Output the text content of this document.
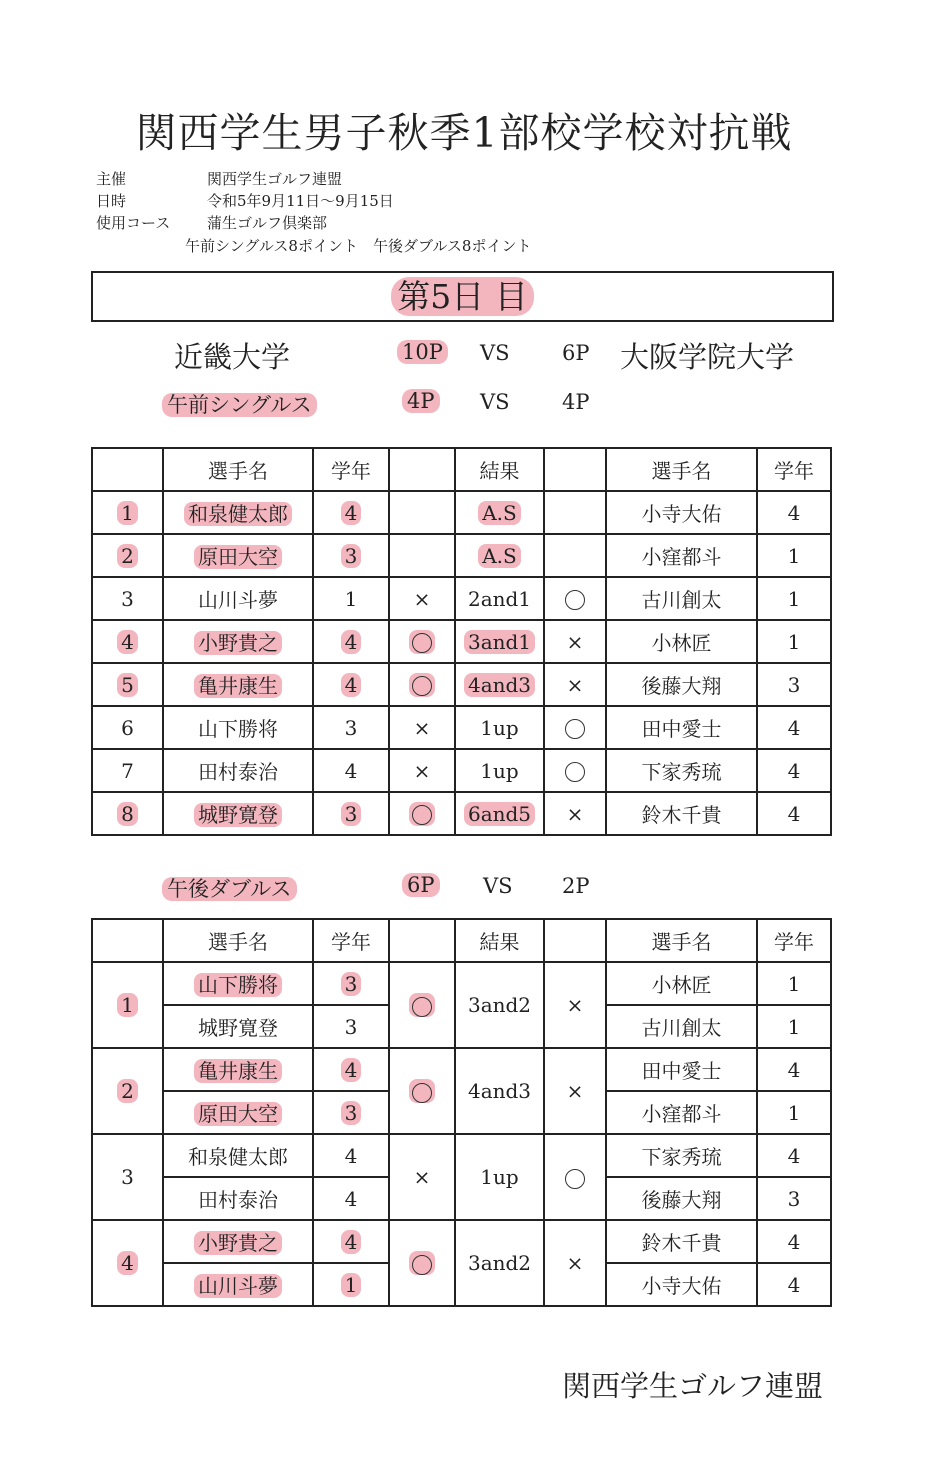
関西学生男子秋季1部校学校対抗戦
主催	関西学生ゴルフ連盟
日時	令和5年9月11日～9月15日
使用コース 蒲生ゴルフ倶楽部
午前シングルス8ポイント　午後ダブルス8ポイント
第5日 目
近畿大学	10P VS 6P 大阪学院大学
午前シングルス	4P VS 4P
	選手名	学年		結果		選手名	学年
1	和泉健太郎	4		A.S		小寺大佑	4
2	原田大空	3		A.S		小窪都斗	1
3	山川斗夢	1	×	2and1		古川創太	1
4	小野貴之	4		3and1	×	小林匠	1
5	亀井康生	4		4and3	×	後藤大翔	3
6	山下勝将	3	×	1up		田中愛士	4
7	田村泰治	4	×	1up		下家秀琉	4
8	城野寛登	3		6and5	×	鈴木千貴	4
午後ダブルス	6P VS 2P
	選手名	学年		結果		選手名	学年
1	山下勝将	3		3and2	×	小林匠	1
	城野寛登	3				古川創太	1
2	亀井康生	4		4and3	×	田中愛士	4
	原田大空	3				小窪都斗	1
3	和泉健太郎	4	×	1up		下家秀琉	4
	田村泰治	4				後藤大翔	3
4	小野貴之	4		3and2	×	鈴木千貴	4
	山川斗夢	1				小寺大佑	4
関西学生ゴルフ連盟
